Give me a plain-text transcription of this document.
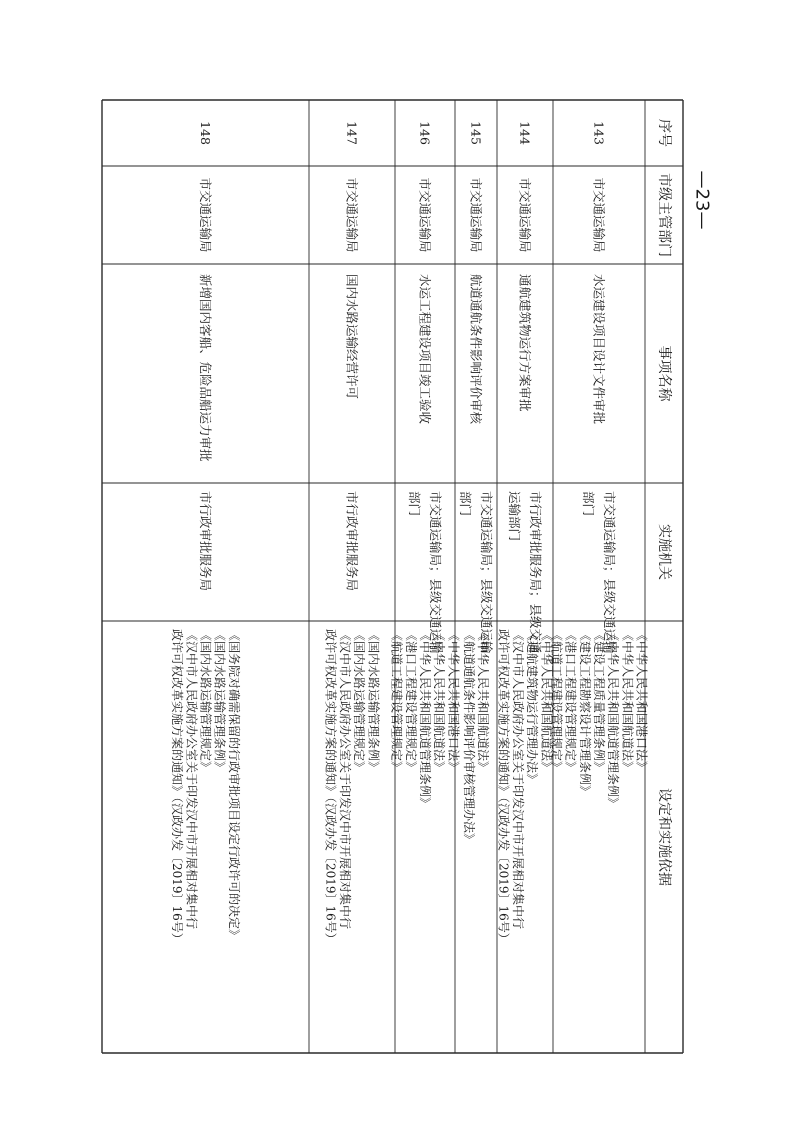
序号
市级主管部门
事项名称
实施机关
设定和实施依据
143
市交通运输局
水运建设项目设计文件审批
市交通运输局；县级交通运输
部门
《中华人民共和国港口法》
《中华人民共和国航道法》
《中华人民共和国航道管理条例》
《建设工程质量管理条例》
《建设工程勘察设计管理条例》
《港口工程建设管理规定》
《航道工程建设管理规定》
144
市交通运输局
通航建筑物运行方案审批
市行政审批服务局；县级交通
运输部门
《中华人民共和国航道法》
《通航建筑物运行管理办法》
《汉中市人民政府办公室关于印发汉中市开展相对集中行
政许可权改革实施方案的通知》（汉政办发〔2019〕16号）
145
市交通运输局
航道通航条件影响评价审核
市交通运输局；县级交通运输
部门
《中华人民共和国航道法》
《航道通航条件影响评价审核管理办法》
146
市交通运输局
水运工程建设项目竣工验收
市交通运输局；县级交通运输
部门
《中华人民共和国港口法》
《中华人民共和国航道法》
《中华人民共和国航道管理条例》
《港口工程建设管理规定》
《航道工程建设管理规定》
147
市交通运输局
国内水路运输经营许可
市行政审批服务局
《国内水路运输管理条例》
《国内水路运输管理规定》
《汉中市人民政府办公室关于印发汉中市开展相对集中行
政许可权改革实施方案的通知》（汉政办发〔2019〕16号）
148
市交通运输局
新增国内客船、危险品船运力审批
市行政审批服务局
《国务院对确需保留的行政审批项目设定行政许可的决定》
《国内水路运输管理条例》
《国内水路运输管理规定》
《汉中市人民政府办公室关于印发汉中市开展相对集中行
政许可权改革实施方案的通知》（汉政办发〔2019〕16号）
—23—
